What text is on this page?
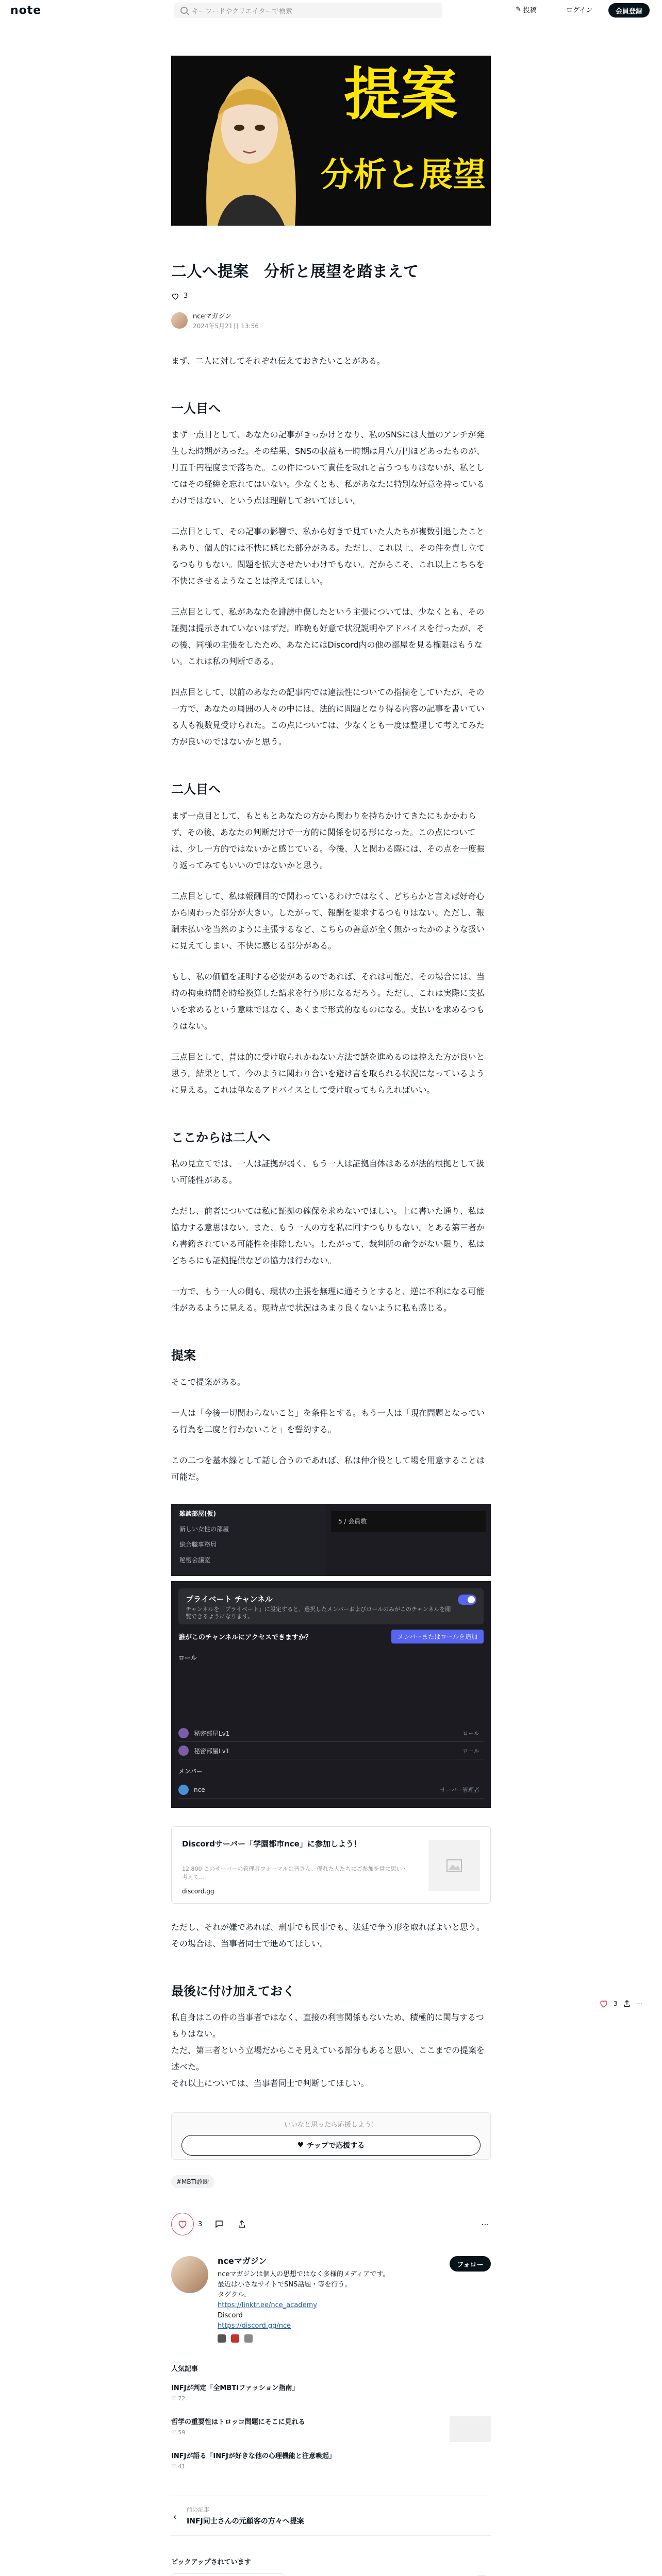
note	キーワードやクリエイターで検索	✎ 投稿	ログイン	会員登録
提案
分析と展望
二人へ提案　分析と展望を踏まえて
3
nceマガジン
2024年5月21日 13:56

まず、二人に対してそれぞれ伝えておきたいことがある。

一人目へ

まず一点目として、あなたの記事がきっかけとなり、私のSNSには大量のアンチが発生した時期があった。その結果、SNSの収益も一時期は月八万円ほどあったものが、月五千円程度まで落ちた。この件について責任を取れと言うつもりはないが、私としてはその経緯を忘れてはいない。少なくとも、私があなたに特別な好意を持っているわけではない、という点は理解しておいてほしい。

二点目として、その記事の影響で、私から好きで見ていた人たちが複数引退したこともあり、個人的には不快に感じた部分がある。ただし、これ以上、その件を責し立てるつもりもない。問題を拡大させたいわけでもない。だからこそ、これ以上こちらを不快にさせるようなことは控えてほしい。

三点目として、私があなたを誹謗中傷したという主張については、少なくとも、その証拠は提示されていないはずだ。昨晩も好意で状況説明やアドバイスを行ったが、その後、同様の主張をしたため、あなたにはDiscord内の他の部屋を見る権限はもうない。これは私の判断である。

四点目として、以前のあなたの記事内では違法性についての指摘をしていたが、その一方で、あなたの周囲の人々の中には、法的に問題となり得る内容の記事を書いている人も複数見受けられた。この点については、少なくとも一度は整理して考えてみた方が良いのではないかと思う。

二人目へ

まず一点目として、もともとあなたの方から関わりを持ちかけてきたにもかかわらず、その後、あなたの判断だけで一方的に関係を切る形になった。この点については、少し一方的ではないかと感じている。今後、人と関わる際には、その点を一度振り返ってみてもいいのではないかと思う。

二点目として、私は報酬目的で関わっているわけではなく、どちらかと言えば好奇心から関わった部分が大きい。したがって、報酬を要求するつもりはない。ただし、報酬未払いを当然のように主張するなど、こちらの善意が全く無かったかのような扱いに見えてしまい、不快に感じる部分がある。

もし、私の価値を証明する必要があるのであれば、それは可能だ。その場合には、当時の拘束時間を時給換算した請求を行う形になるだろう。ただし、これは実際に支払いを求めるという意味ではなく、あくまで形式的なものになる。支払いを求めるつもりはない。

三点目として、昔は的に受け取られかねない方法で話を進めるのは控えた方が良いと思う。結果として、今のように関わり合いを避け言を取られる状況になっているように見える。これは単なるアドバイスとして受け取ってもらえればいい。

ここからは二人へ

私の見立てでは、一人は証拠が弱く、もう一人は証拠自体はあるが法的根拠として扱い可能性がある。

ただし、前者については私に証拠の確保を求めないでほしい。上に書いた通り、私は協力する意思はない。また、もう一人の方を私に回すつもりもない。とある第三者から書籍されている可能性を排除したい。したがって、裁判所の命令がない限り、私はどちらにも証拠提供などの協力は行わない。

一方で、もう一人の側も、現状の主張を無理に通そうとすると、逆に不利になる可能性があるように見える。現時点で状況はあまり良くないように私も感じる。

提案

そこで提案がある。

一人は「今後一切関わらないこと」を条件とする。もう一人は「現在問題となっている行為を二度と行わないこと」を誓約する。

この二つを基本線として話し合うのであれば、私は仲介役として場を用意することは可能だ。

雑談部屋(仮)
新しい女性の部屋
総合職事務局
秘密会議室
5 / 会員数
プライベート チャンネル
チャンネルを「プライベート」に設定すると、選択したメンバーおよびロールのみがこのチャンネルを閲覧できるようになります。
誰がこのチャンネルにアクセスできますか？	メンバーまたはロールを追加
ロール
秘密部屋Lv1	ロール
秘密部屋Lv1	ロール
メンバー
nce	サーバー管理者
Discordサーバー「学園都市nce」に参加しよう！
12,800 このサーバーの管理者フォーマルは皆さん、優れた人たちにご参加を常に思い・考えて…
discord.gg

ただし、それが嫌であれば、刑事でも民事でも、法廷で争う形を取ればよいと思う。その場合は、当事者同士で進めてほしい。

最後に付け加えておく

私自身はこの件の当事者ではなく、直接の利害関係もないため、積極的に関与するつもりはない。

ただ、第三者という立場だからこそ見えている部分もあると思い、ここまでの提案を述べた。

それ以上については、当事者同士で判断してほしい。

いいなと思ったら応援しよう！
♥ チップで応援する
#MBTI診断
3	⋯
nceマガジン
nceマガジンは個人の思想ではなく多様的メディアです。
最近は小さなサイトでSNS話題・等を行う。
タグクル、
https://linktr.ee/nce_academy
Discord
https://discord.gg/nce
フォロー
人気記事
INFJが判定「全MBTIファッション指南」
♡ 72
哲学の重要性はトロッコ問題にそこに見れる
♡ 59
INFJが語る「INFJが好きな他の心理機能と注意喚起」
♡ 41
‹
前の記事
INFJ同士さんの元顧客の方々へ提案
ピックアップされています
3	⋯
